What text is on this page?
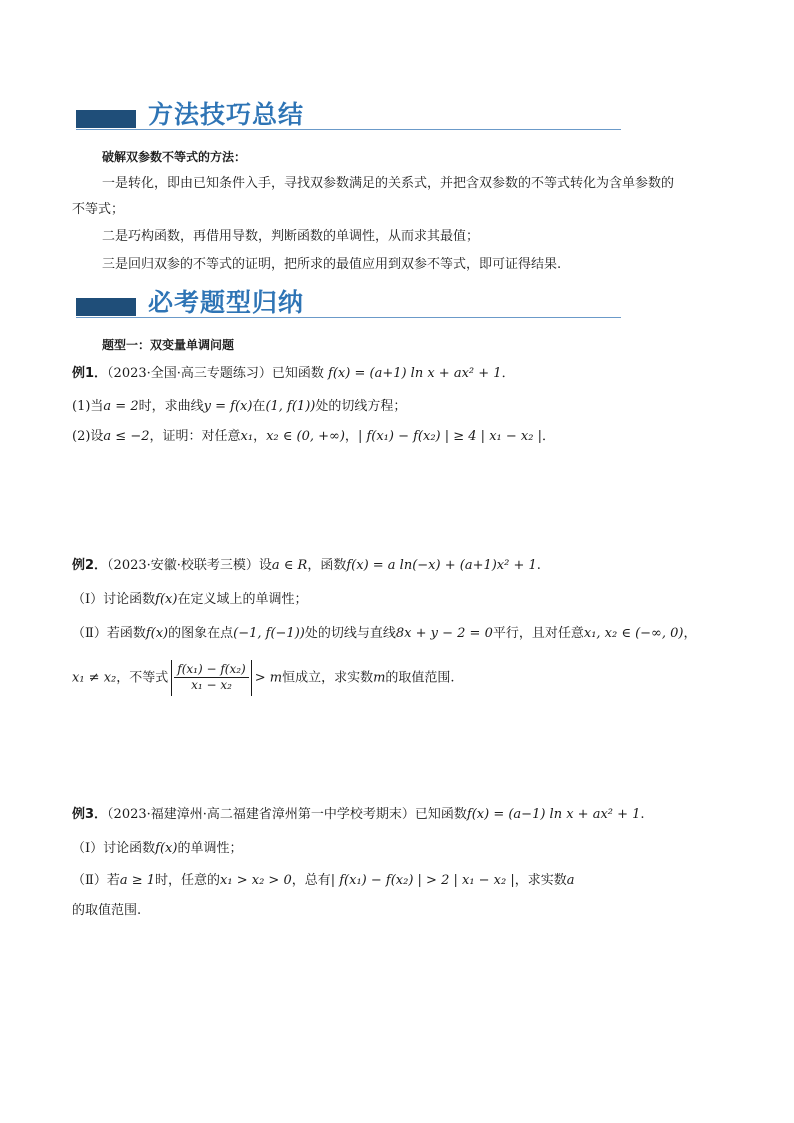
方法技巧总结
破解双参数不等式的方法：
一是转化，即由已知条件入手，寻找双参数满足的关系式，并把含双参数的不等式转化为含单参数的
不等式；
二是巧构函数，再借用导数，判断函数的单调性，从而求其最值；
三是回归双参的不等式的证明，把所求的最值应用到双参不等式，即可证得结果.
必考题型归纳
题型一：双变量单调问题
例1．（2023·全国·高三专题练习）已知函数 f(x) = (a+1) ln x + ax² + 1．
(1)当a = 2时，求曲线y = f(x)在(1, f(1))处的切线方程；
(2)设a ≤ −2，证明：对任意x₁，x₂ ∈ (0, +∞)，| f(x₁) − f(x₂) | ≥ 4 | x₁ − x₂ |．
例2．（2023·安徽·校联考三模）设a ∈ R，函数f(x) = a ln(−x) + (a+1)x² + 1.
（Ⅰ）讨论函数f(x)在定义域上的单调性；
（Ⅱ）若函数f(x)的图象在点(−1, f(−1))处的切线与直线8x + y − 2 = 0平行，且对任意x₁, x₂ ∈ (−∞, 0)，
x₁ ≠ x₂，不等式 $\frac{\text{f(x₁) − f(x₂)}}{\text{x₁ − x₂}} > m$恒成立，求实数m的取值范围.
例3．（2023·福建漳州·高二福建省漳州第一中学校考期末）已知函数f(x) = (a−1) ln x + ax² + 1.
（Ⅰ）讨论函数f(x)的单调性；
（Ⅱ）若a ≥ 1时，任意的x₁ > x₂ > 0，总有| f(x₁) − f(x₂) | > 2 | x₁ − x₂ |，求实数a
的取值范围.
